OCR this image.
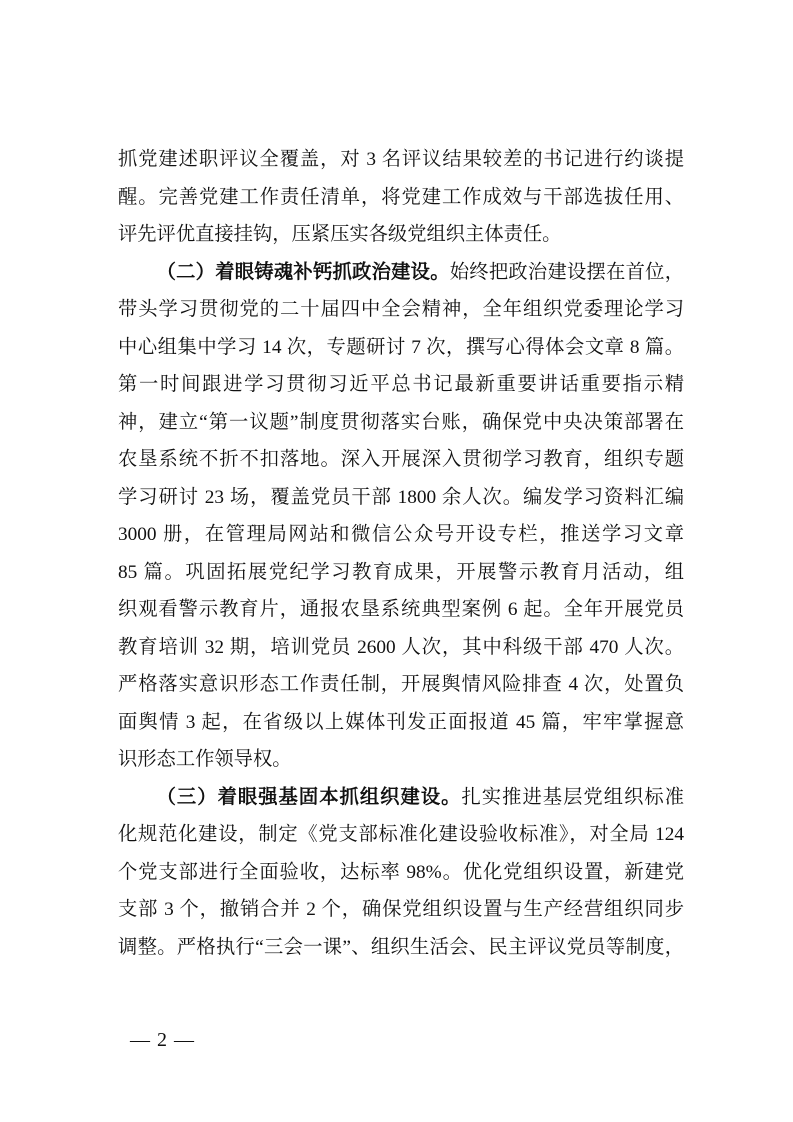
抓党建述职评议全覆盖，对 3 名评议结果较差的书记进行约谈提
醒。完善党建工作责任清单，将党建工作成效与干部选拔任用、
评先评优直接挂钩，压紧压实各级党组织主体责任。
（二）着眼铸魂补钙抓政治建设。始终把政治建设摆在首位，
带头学习贯彻党的二十届四中全会精神，全年组织党委理论学习
中心组集中学习 14 次，专题研讨 7 次，撰写心得体会文章 8 篇。
第一时间跟进学习贯彻习近平总书记最新重要讲话重要指示精
神，建立“第一议题”制度贯彻落实台账，确保党中央决策部署在
农垦系统不折不扣落地。深入开展深入贯彻学习教育，组织专题
学习研讨 23 场，覆盖党员干部 1800 余人次。编发学习资料汇编
3000 册，在管理局网站和微信公众号开设专栏，推送学习文章
85 篇。巩固拓展党纪学习教育成果，开展警示教育月活动，组
织观看警示教育片，通报农垦系统典型案例 6 起。全年开展党员
教育培训 32 期，培训党员 2600 人次，其中科级干部 470 人次。
严格落实意识形态工作责任制，开展舆情风险排查 4 次，处置负
面舆情 3 起，在省级以上媒体刊发正面报道 45 篇，牢牢掌握意
识形态工作领导权。
（三）着眼强基固本抓组织建设。扎实推进基层党组织标准
化规范化建设，制定《党支部标准化建设验收标准》，对全局 124
个党支部进行全面验收，达标率 98%。优化党组织设置，新建党
支部 3 个，撤销合并 2 个，确保党组织设置与生产经营组织同步
调整。严格执行“三会一课”、组织生活会、民主评议党员等制度，
— 2 —
